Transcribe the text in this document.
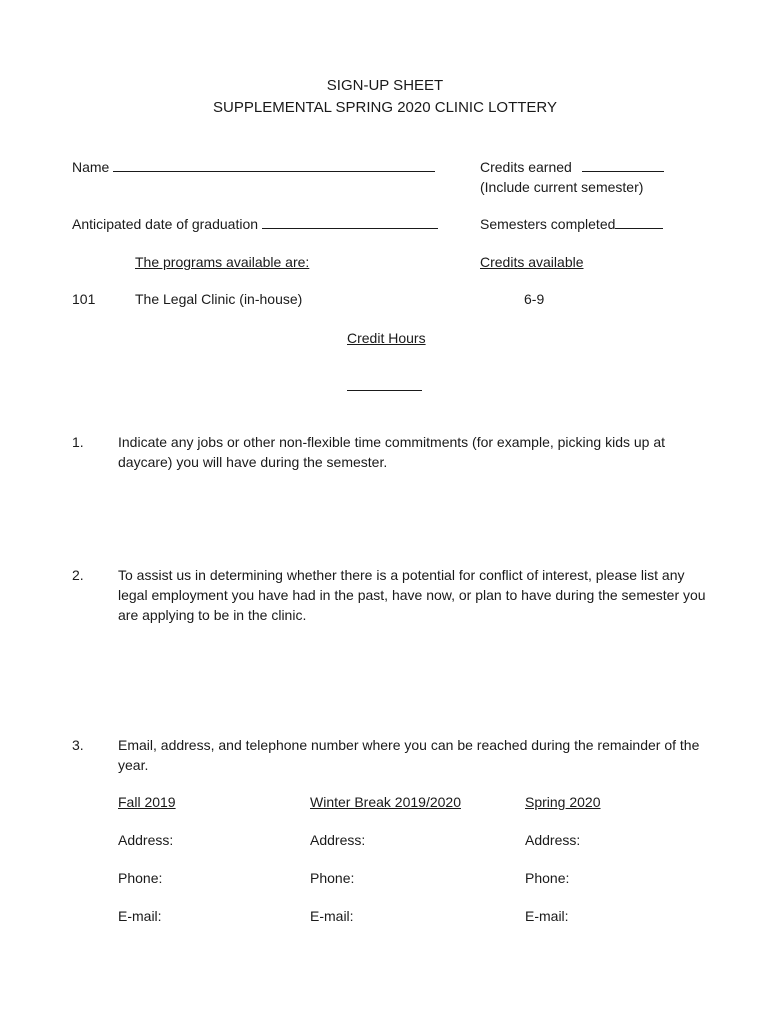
SIGN-UP SHEET
SUPPLEMENTAL SPRING 2020 CLINIC LOTTERY
Name	Credits earned
(Include current semester)
Anticipated date of graduation	Semesters completed
The programs available are:	Credits available
101	The Legal Clinic (in-house)	6-9
Credit Hours
1. Indicate any jobs or other non-flexible time commitments (for example, picking kids up at daycare) you will have during the semester.
2. To assist us in determining whether there is a potential for conflict of interest, please list any legal employment you have had in the past, have now, or plan to have during the semester you are applying to be in the clinic.
3. Email, address, and telephone number where you can be reached during the remainder of the year.
Fall 2019	Winter Break 2019/2020	Spring 2020
Address:	Address:	Address:
Phone:	Phone:	Phone:
E-mail:	E-mail:	E-mail:
